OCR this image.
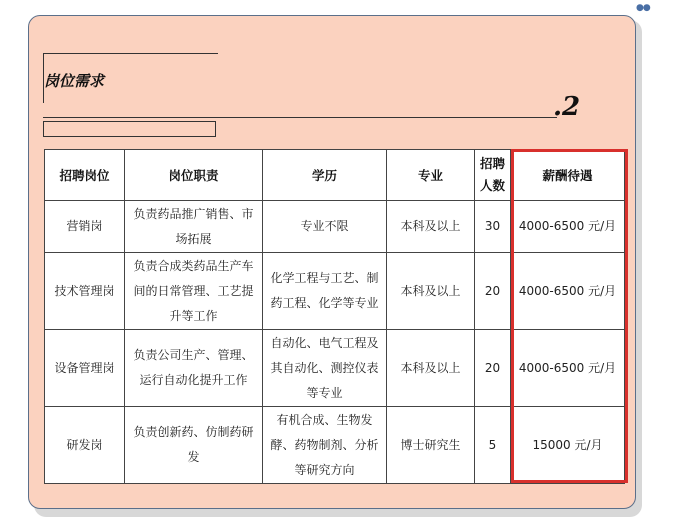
●●
岗位需求
.2
招聘岗位	岗位职责	学历	专业	招聘人数	薪酬待遇
营销岗	负责药品推广销售、市场拓展	专业不限	本科及以上	30	4000-6500 元/月
技术管理岗	负责合成类药品生产车间的日常管理、工艺提升等工作	化学工程与工艺、制药工程、化学等专业	本科及以上	20	4000-6500 元/月
设备管理岗	负责公司生产、管理、运行自动化提升工作	自动化、电气工程及其自动化、测控仪表等专业	本科及以上	20	4000-6500 元/月
研发岗	负责创新药、仿制药研发	有机合成、生物发酵、药物制剂、分析等研究方向	博士研究生	5	15000 元/月
